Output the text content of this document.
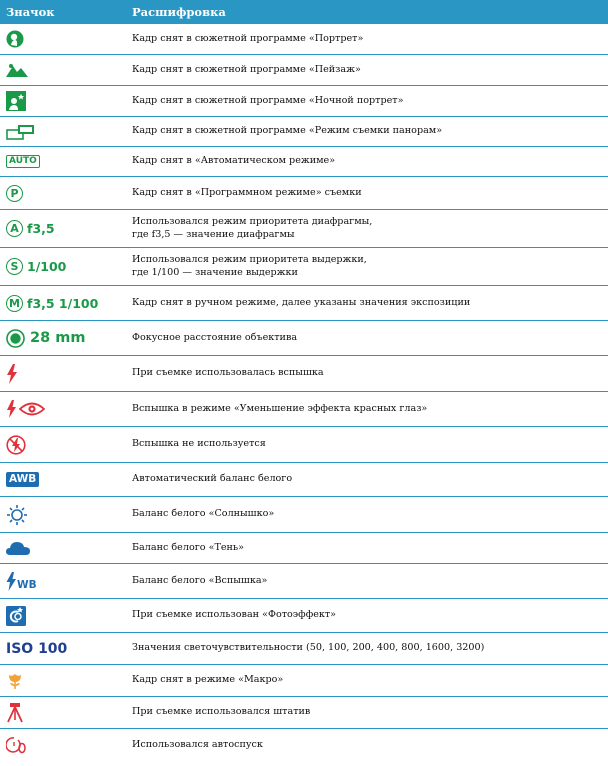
Значок	Расшифровка
Кадр снят в сюжетной программе «Портрет»
Кадр снят в сюжетной программе «Пейзаж»
Кадр снят в сюжетной программе «Ночной портрет»
Кадр снят в сюжетной программе «Режим съемки панорам»
AUTO	Кадр снят в «Автоматическом режиме»
P	Кадр снят в «Программном режиме» съемки
A f3,5	Использовался режим приоритета диафрагмы,
где f3,5 — значение диафрагмы
S 1/100	Использовался режим приоритета выдержки,
где 1/100 — значение выдержки
M f3,5 1/100	Кадр снят в ручном режиме, далее указаны значения экспозиции
28 mm	Фокусное расстояние объектива
При съемке использовалась вспышка
Вспышка в режиме «Уменьшение эффекта красных глаз»
Вспышка не используется
AWB	Автоматический баланс белого
Баланс белого «Солнышко»
Баланс белого «Тень»
WB	Баланс белого «Вспышка»
При съемке использован «Фотоэффект»
ISO 100	Значения светочувствительности (50, 100, 200, 400, 800, 1600, 3200)
Кадр снят в режиме «Макро»
При съемке использовался штатив
Использовался автоспуск
